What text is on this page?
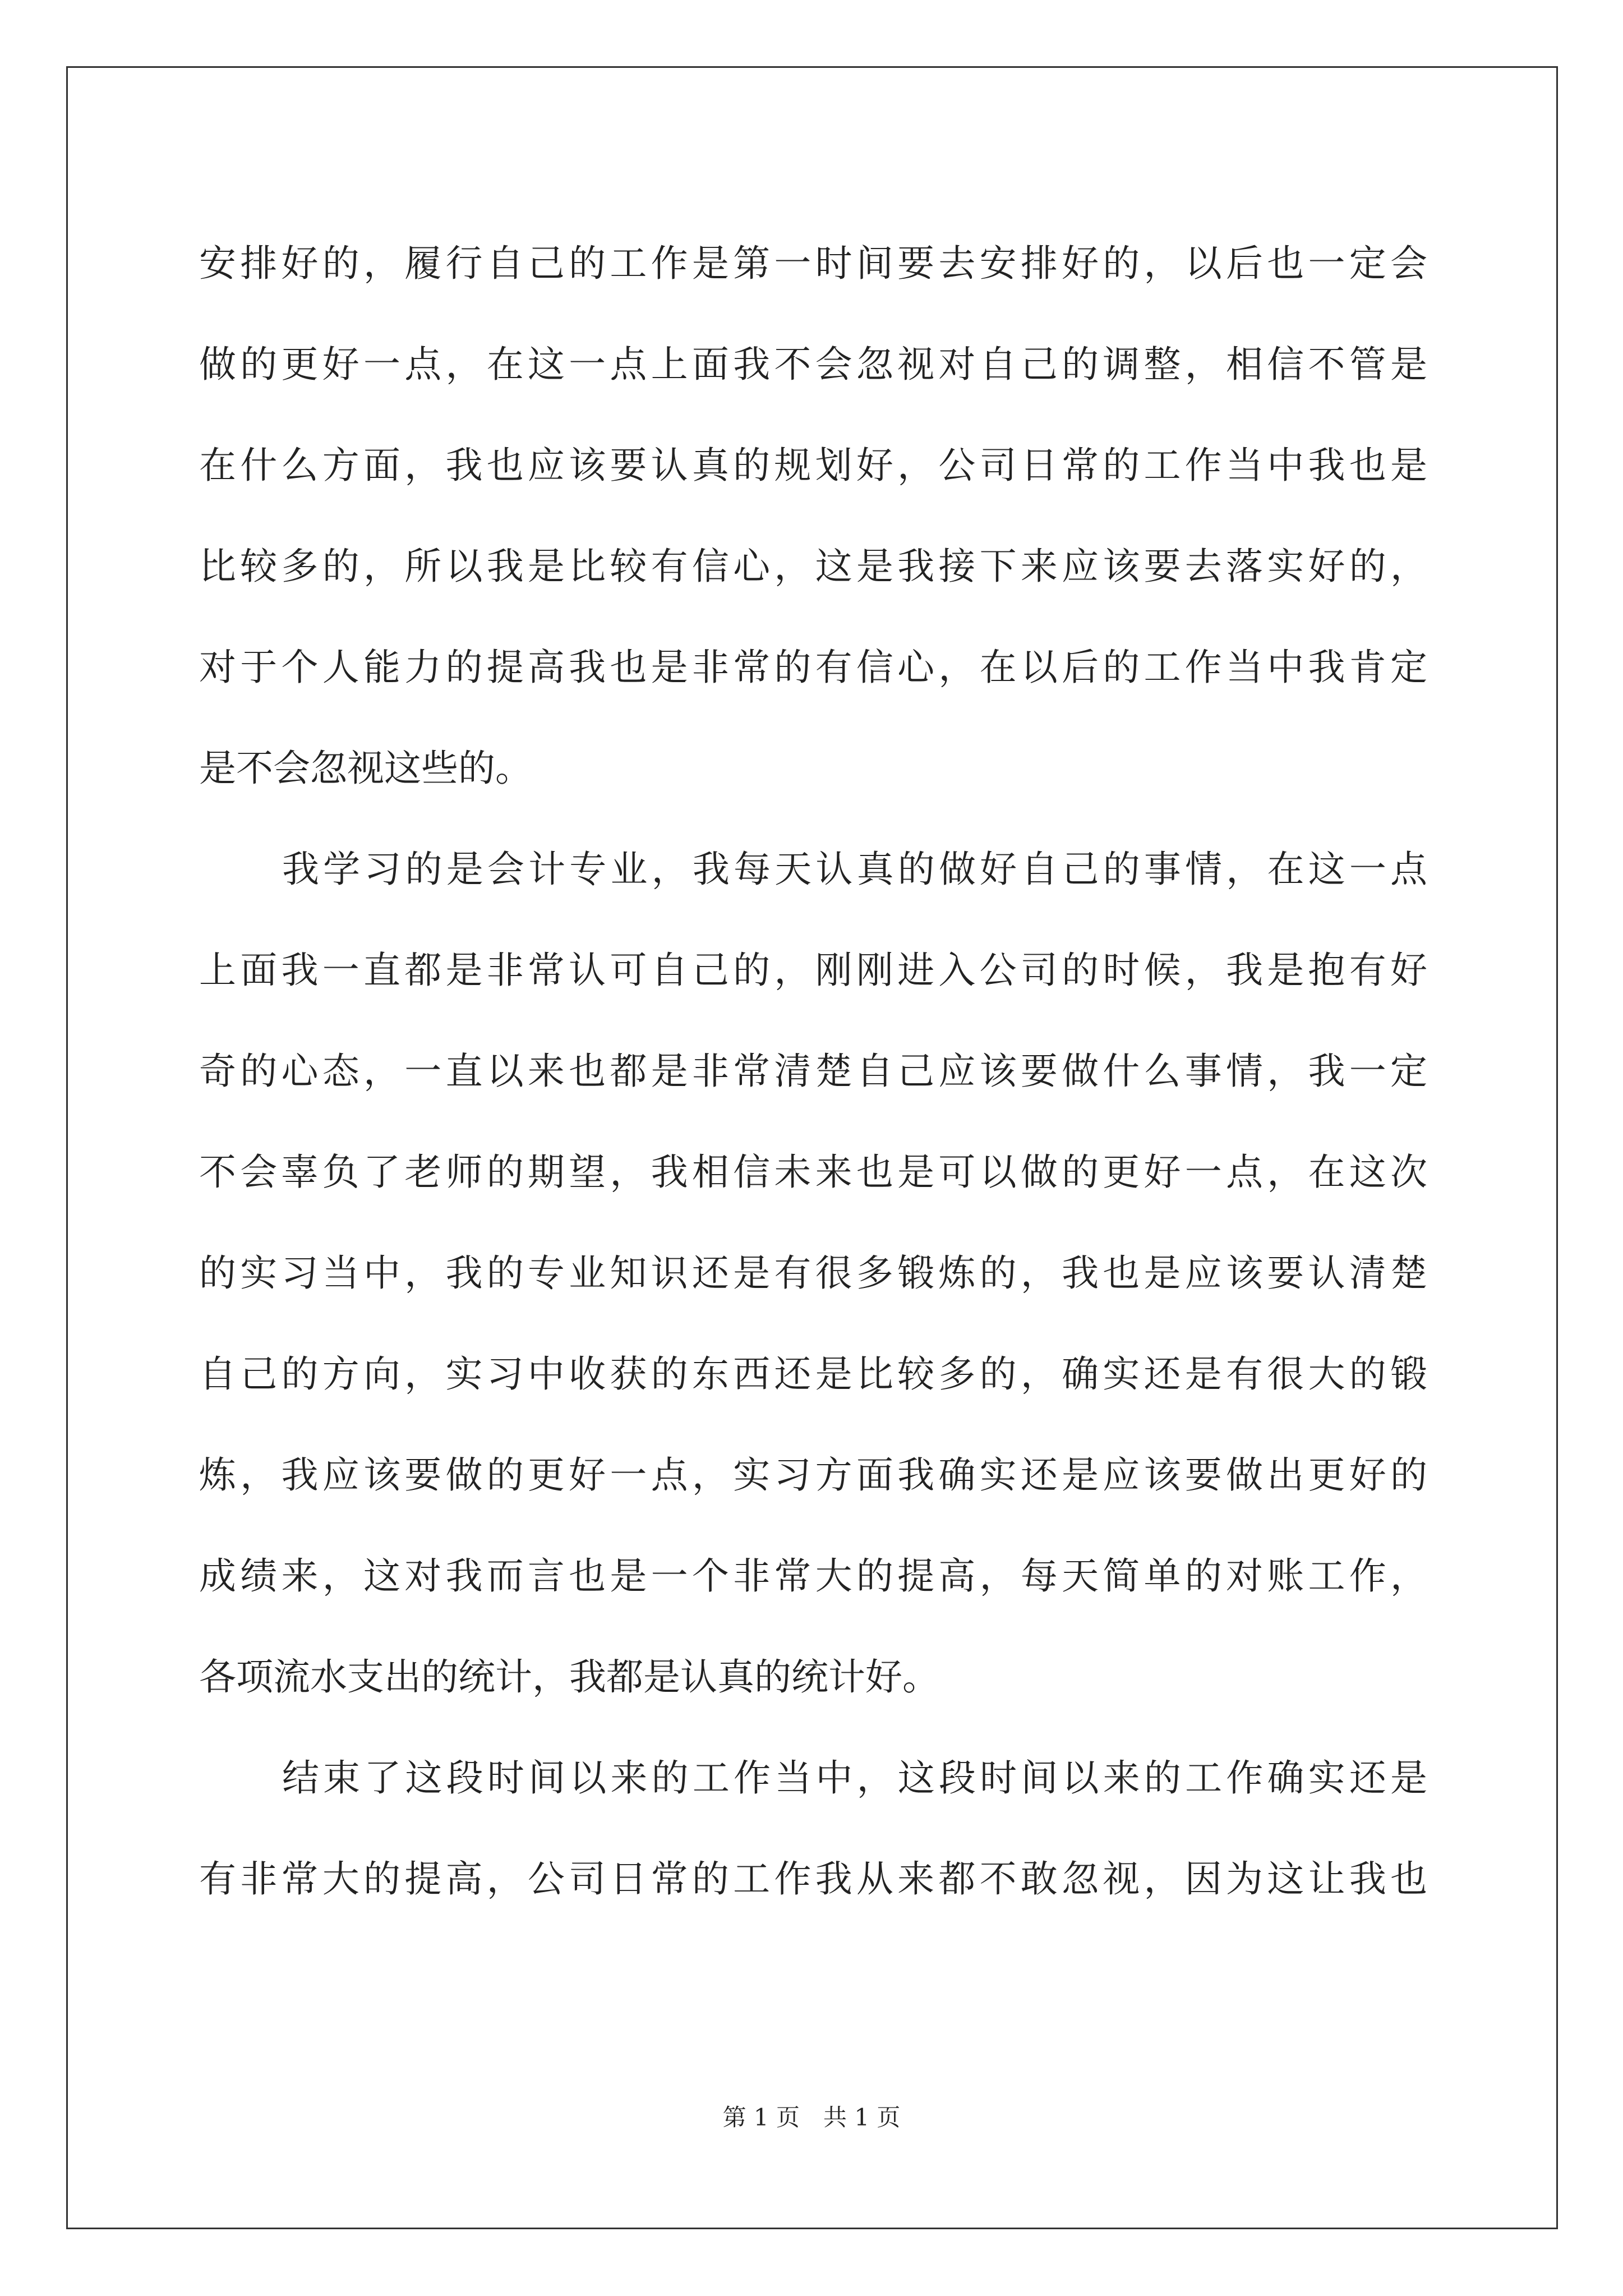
安排好的，履行自己的工作是第一时间要去安排好的，以后也一定会
做的更好一点，在这一点上面我不会忽视对自己的调整，相信不管是
在什么方面，我也应该要认真的规划好，公司日常的工作当中我也是
比较多的，所以我是比较有信心，这是我接下来应该要去落实好的，
对于个人能力的提高我也是非常的有信心，在以后的工作当中我肯定
是不会忽视这些的。
我学习的是会计专业，我每天认真的做好自己的事情，在这一点
上面我一直都是非常认可自己的，刚刚进入公司的时候，我是抱有好
奇的心态，一直以来也都是非常清楚自己应该要做什么事情，我一定
不会辜负了老师的期望，我相信未来也是可以做的更好一点，在这次
的实习当中，我的专业知识还是有很多锻炼的，我也是应该要认清楚
自己的方向，实习中收获的东西还是比较多的，确实还是有很大的锻
炼，我应该要做的更好一点，实习方面我确实还是应该要做出更好的
成绩来，这对我而言也是一个非常大的提高，每天简单的对账工作，
各项流水支出的统计，我都是认真的统计好。
结束了这段时间以来的工作当中，这段时间以来的工作确实还是
有非常大的提高，公司日常的工作我从来都不敢忽视，因为这让我也
第 1 页　共 1 页
